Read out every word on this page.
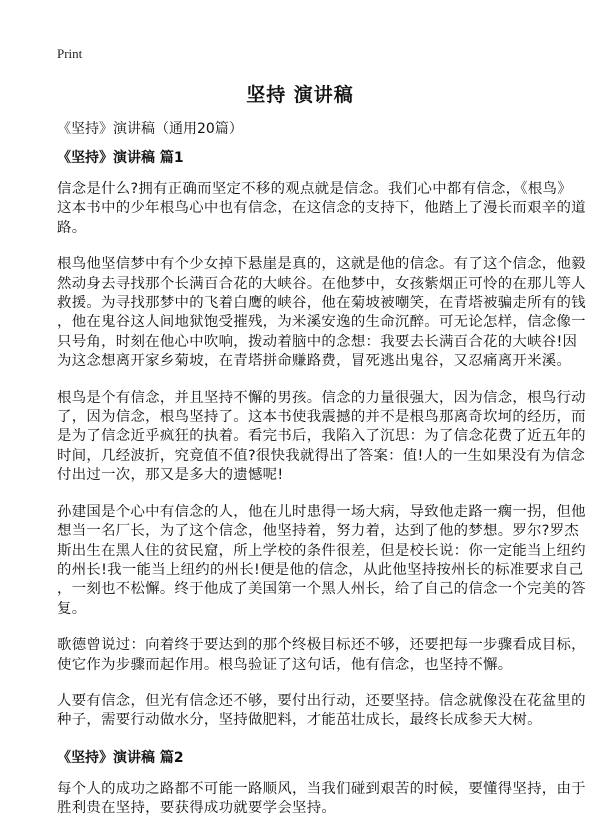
Print
坚持 演讲稿
《坚持》演讲稿（通用20篇）
《坚持》演讲稿 篇1
信念是什么?拥有正确而坚定不移的观点就是信念。我们心中都有信念，《根鸟》
这本书中的少年根鸟心中也有信念，在这信念的支持下，他踏上了漫长而艰辛的道
路。
根鸟他坚信梦中有个少女掉下悬崖是真的，这就是他的信念。有了这个信念，他毅
然动身去寻找那个长满百合花的大峡谷。在他梦中，女孩紫烟正可怜的在那儿等人
救援。为寻找那梦中的飞着白鹰的峡谷，他在菊坡被嘲笑，在青塔被骗走所有的钱
，他在鬼谷这人间地狱饱受摧残，为米溪安逸的生命沉醉。可无论怎样，信念像一
只号角，时刻在他心中吹响，拨动着脑中的念想：我要去长满百合花的大峡谷!因
为这念想离开家乡菊坡，在青塔拼命赚路费，冒死逃出鬼谷，又忍痛离开米溪。
根鸟是个有信念，并且坚持不懈的男孩。信念的力量很强大，因为信念，根鸟行动
了，因为信念，根鸟坚持了。这本书使我震撼的并不是根鸟那离奇坎坷的经历，而
是为了信念近乎疯狂的执着。看完书后，我陷入了沉思：为了信念花费了近五年的
时间，几经波折，究竟值不值?很快我就得出了答案：值!人的一生如果没有为信念
付出过一次，那又是多大的遗憾呢!
孙建国是个心中有信念的人，他在儿时患得一场大病，导致他走路一瘸一拐，但他
想当一名厂长，为了这个信念，他坚持着，努力着，达到了他的梦想。罗尔?罗杰
斯出生在黑人住的贫民窟，所上学校的条件很差，但是校长说：你一定能当上纽约
的州长!我一能当上纽约的州长!便是他的信念，从此他坚持按州长的标准要求自己
，一刻也不松懈。终于他成了美国第一个黑人州长，给了自己的信念一个完美的答
复。
歌德曾说过：向着终于要达到的那个终极目标还不够，还要把每一步骤看成目标，
使它作为步骤而起作用。根鸟验证了这句话，他有信念，也坚持不懈。
人要有信念，但光有信念还不够，要付出行动，还要坚持。信念就像没在花盆里的
种子，需要行动做水分，坚持做肥料，才能茁壮成长，最终长成参天大树。
《坚持》演讲稿 篇2
每个人的成功之路都不可能一路顺风，当我们碰到艰苦的时候，要懂得坚持，由于
胜利贵在坚持，要获得成功就要学会坚持。
